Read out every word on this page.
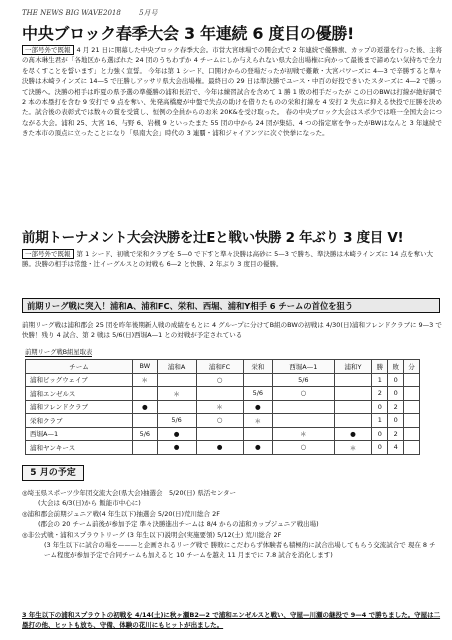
THE NEWS BIG WAVE2018	5月号
中央ブロック春季大会 3 年連続 6 度目の優勝!
一部号外で既報 4 月 21 日に開幕した中央ブロック春季大会。市営大宮球場での開会式で 2 年連続で優勝旗、カップの返還を行った後、主将の髙木琳生君が「各地区から選ばれた 24 団のうちわずか 4 チームにしか与えられない県大会出場権に向かって最後まで諦めない気持ちで全力を尽くすことを誓います」と力強く宣誓。 今年は第 1 シード、口開けからの登場だったが初戦で難敵・大宮パワーズに 4—3 で辛勝すると準々決勝は木崎ラインズに 14—5 で圧勝しアッサリ県大会出場権。最終日の 29 日は準決勝でユース・中百の好投できいたスターズに 4—2 で勝って決勝へ。決勝の相手は昨夏の県予選の準優勝の浦和長沼で、今年は練習試合を含めて 1 勝 1 敗の相手だったが この日のBWは打線が絶好調で 2 本の本塁打を含む 9 安打で 9 点を奪い、先発高橋慶が中盤で失点の助けを借りたものの栄和打線を 4 安打 2 失点に抑える快投で圧勝を決めた。試合後の表彰式では数々の賞を受賞し、恒例の全員からのお米 20K&を受け取った。 春の中央ブロック大会はスポ少では唯一全国大会につながる大会。浦和 25、大宮 16、与野 6、岩槻 9 といったまた 55 団の中から 24 団が集結、4 つの指定席を争ったがBWはなんと 3 年連続できた本市の頂点に立ったことになり「県南大会」時代の 3 連覇・浦和ジャイアンツに次ぐ快挙になった。
前期トーナメント大会決勝を辻Eと戦い快勝 2 年ぶり 3 度目 V!
一部号外で既報 第 1 シード、初戦で栄和クラブを 5—0 で下すと準々決勝は高砂に 5—3 で勝ち、準決勝は木崎ラインズに 14 点を奪い大勝。決勝の相手は常盤・辻イーグルスとの対戦も 6—2 と快勝、2 年ぶり 3 度目の優勝。
前期リーグ戦に突入！浦和A、浦和FC、栄和、西堀、浦和Y相手 6 チームの首位を狙う
前期リーグ戦は浦和郡会 25 団を昨年後期新人戦の成績をもとに 4 グループに分けてB組のBWの初戦は 4/30(日)浦和フレンドクラブに 9—3 で快勝！残り 4 試合、第 2 戦は 5/6(日)西堀A—1 との対戦が予定されている
前期リーグ戦B組星取表
チーム	BW	浦和A	浦和FC	栄和	西堀A—1	浦和Y	勝	敗	分
浦和ビッグウェイブ	＊		○		5/6		1	0	
浦和エンゼルス		＊		5/6	○		2	0	
浦和フレンドクラブ	●		＊	●			0	2	
栄和クラブ		5/6	○	＊			1	0	
西堀A—1	5/6	●			＊	●	0	2	
浦和ヤンキース		●	●	●	○	＊	0	4	
5 月の予定
◎埼玉県スポーツ少年団交流大会(県大会)抽選会　5/20(日) 県活センター
(大会は 6/3(日)から 飯能市中心に)
◎浦和郡会前期ジュニア戦(4 年生以下)抽選会 5/20(日)荒川総合 2F
(郡会の 20 チーム前後が参加予定 準々決勝進出チームは 8/4 からの浦和カップジュニア戦出場)
◎非公式戦・浦和スプラウトリーグ (3 年生以下)説明会(実施要領) 5/12(土) 荒川総合 2F
(3 年生以下に試合の場を———と企画されるリーグ戦で 勝敗にこだわらず体験者も積極的に試合出場してもらう交流試合で 現在 8 チーム程度が参加予定で合同チームも加えると 10 チームを越え 11 月までに 7.8 試合を消化します)
3 年生以下の浦和スプラウトの初戦を 4/14(土)に秋ヶ瀬B2—2 で浦和エンゼルスと戦い、守屋—川瀬の継投で 9—4 で勝ちました。守屋は二塁打の他、ヒットも放ち、守備、体験の花川にもヒットが出ました。
